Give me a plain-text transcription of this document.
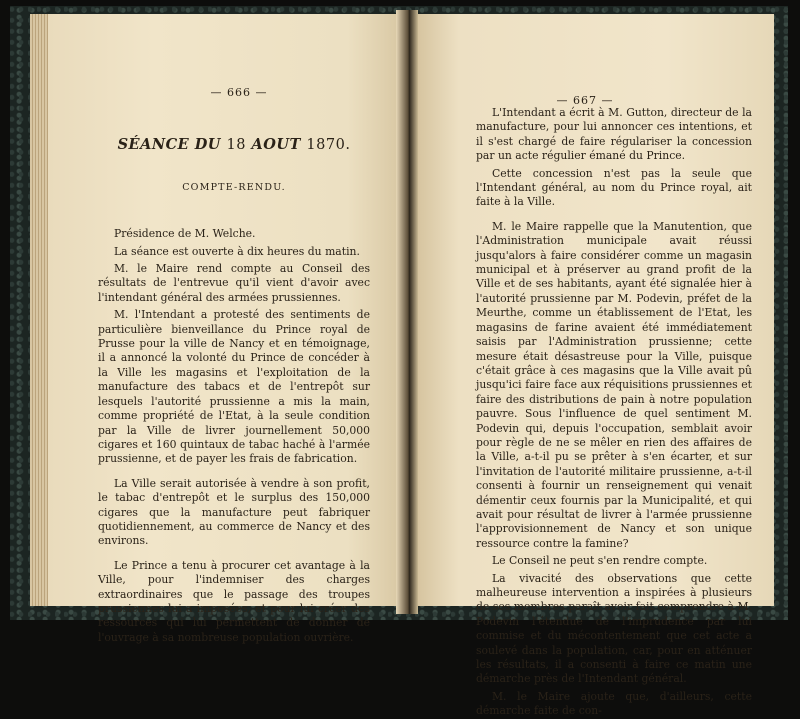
— 666 —
SÉANCE DU 18 AOUT 1870.
COMPTE-RENDU.

Présidence de M. Welche.

La séance est ouverte à dix heures du matin.

M. le Maire rend compte au Conseil des résultats de l'entrevue qu'il vient d'avoir avec l'intendant général des armées prussiennes.

M. l'Intendant a protesté des sentiments de particulière bienveillance du Prince royal de Prusse pour la ville de Nancy et en témoignage, il a annoncé la volonté du Prince de concéder à la Ville les magasins et l'exploitation de la manufacture des tabacs et de l'entrepôt sur lesquels l'autorité prussienne a mis la main, comme propriété de l'Etat, à la seule condition par la Ville de livrer journellement 50,000 cigares et 160 quintaux de tabac haché à l'armée prussienne, et de payer les frais de fabrication.

La Ville serait autorisée à vendre à son profit, le tabac d'entrepôt et le surplus des 150,000 cigares que la manufacture peut fabriquer quotidiennement, au commerce de Nancy et des environs.

Le Prince a tenu à procurer cet avantage à la Ville, pour l'indemniser des charges extraordinaires que le passage des troupes prussiennes lui a imposées, et pour lui créer des ressources qui lui permettent de donner de l'ouvrage à sa nombreuse population ouvrière.

— 667 —

L'Intendant a écrit à M. Gutton, directeur de la manufacture, pour lui annoncer ces intentions, et il s'est chargé de faire régulariser la concession par un acte régulier émané du Prince.

Cette concession n'est pas la seule que l'Intendant général, au nom du Prince royal, ait faite à la Ville.

M. le Maire rappelle que la Manutention, que l'Administration municipale avait réussi jusqu'alors à faire considérer comme un magasin municipal et à préserver au grand profit de la Ville et de ses habitants, ayant été signalée hier à l'autorité prussienne par M. Podevin, préfet de la Meurthe, comme un établissement de l'Etat, les magasins de farine avaient été immédiatement saisis par l'Administration prussienne; cette mesure était désastreuse pour la Ville, puisque c'était grâce à ces magasins que la Ville avait pû jusqu'ici faire face aux réquisitions prussiennes et faire des distributions de pain à notre population pauvre. Sous l'influence de quel sentiment M. Podevin qui, depuis l'occupation, semblait avoir pour règle de ne se mêler en rien des affaires de la Ville, a-t-il pu se prêter à s'en écarter, et sur l'invitation de l'autorité militaire prussienne, a-t-il consenti à fournir un renseignement qui venait démentir ceux fournis par la Municipalité, et qui avait pour résultat de livrer à l'armée prussienne l'approvisionnement de Nancy et son unique ressource contre la famine?

Le Conseil ne peut s'en rendre compte.

La vivacité des observations que cette malheureuse intervention a inspirées à plusieurs de ses membres paraît avoir fait comprendre à M. Podevin l'étendue de l'imprudence par lui commise et du mécontentement que cet acte a soulevé dans la population, car, pour en atténuer les résultats, il a consenti à faire ce matin une démarche près de l'Intendant général.

M. le Maire ajoute que, d'ailleurs, cette démarche faite de con-
